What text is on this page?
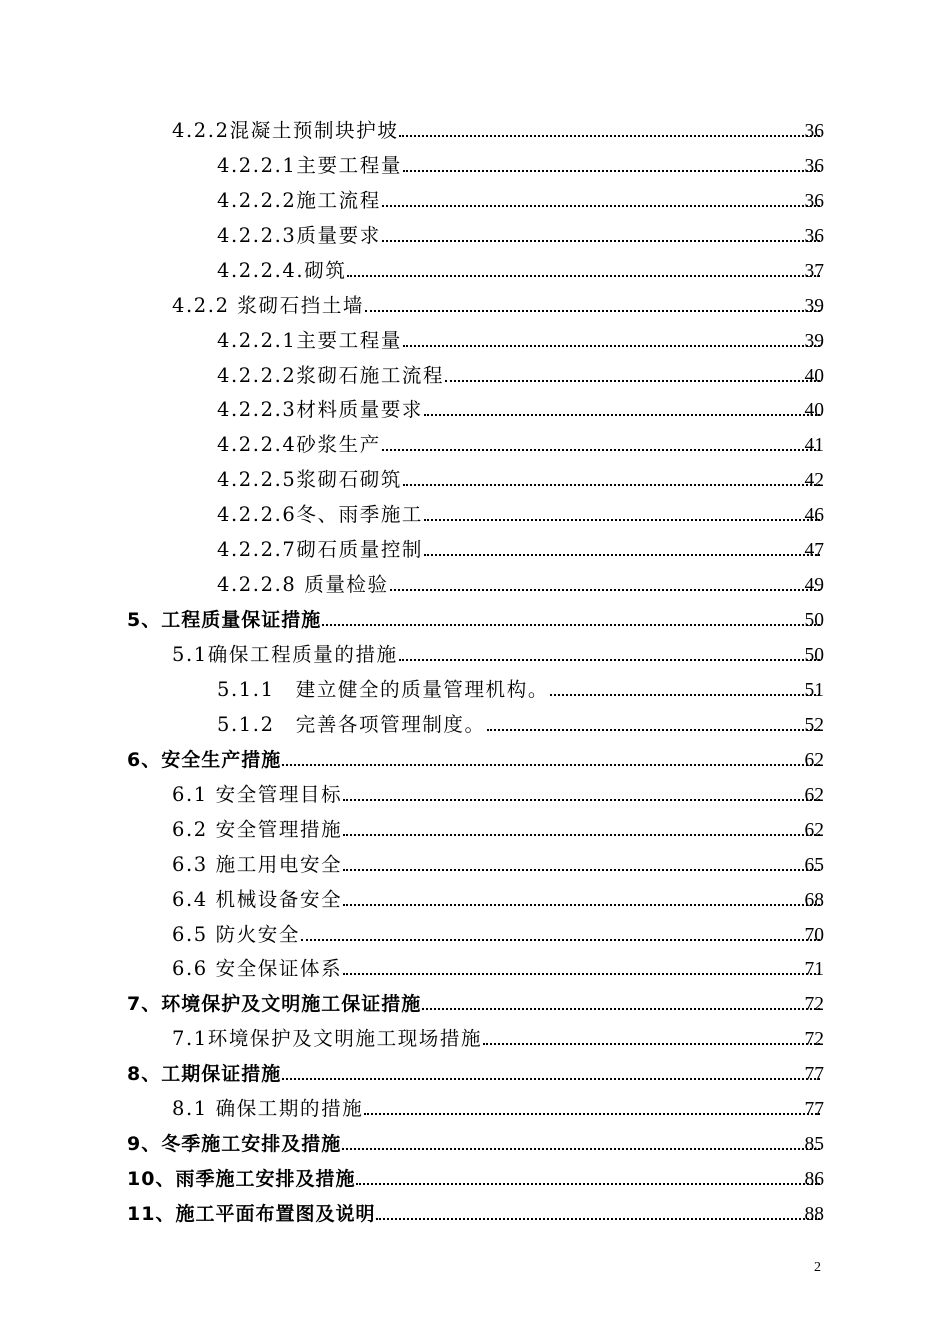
4.2.2混凝土预制块护坡	36
4.2.2.1主要工程量	36
4.2.2.2施工流程	36
4.2.2.3质量要求	36
4.2.2.4.砌筑	37
4.2.2 浆砌石挡土墙	39
4.2.2.1主要工程量	39
4.2.2.2浆砌石施工流程	40
4.2.2.3材料质量要求	40
4.2.2.4砂浆生产	41
4.2.2.5浆砌石砌筑	42
4.2.2.6冬、雨季施工	46
4.2.2.7砌石质量控制	47
4.2.2.8 质量检验	49
5、工程质量保证措施	50
5.1确保工程质量的措施	50
5.1.1　建立健全的质量管理机构。	51
5.1.2　完善各项管理制度。	52
6、安全生产措施	62
6.1 安全管理目标	62
6.2 安全管理措施	62
6.3 施工用电安全	65
6.4 机械设备安全	68
6.5 防火安全	70
6.6 安全保证体系	71
7、环境保护及文明施工保证措施	72
7.1环境保护及文明施工现场措施	72
8、工期保证措施	77
8.1 确保工期的措施	77
9、冬季施工安排及措施	85
10、雨季施工安排及措施	86
11、施工平面布置图及说明	88
2
